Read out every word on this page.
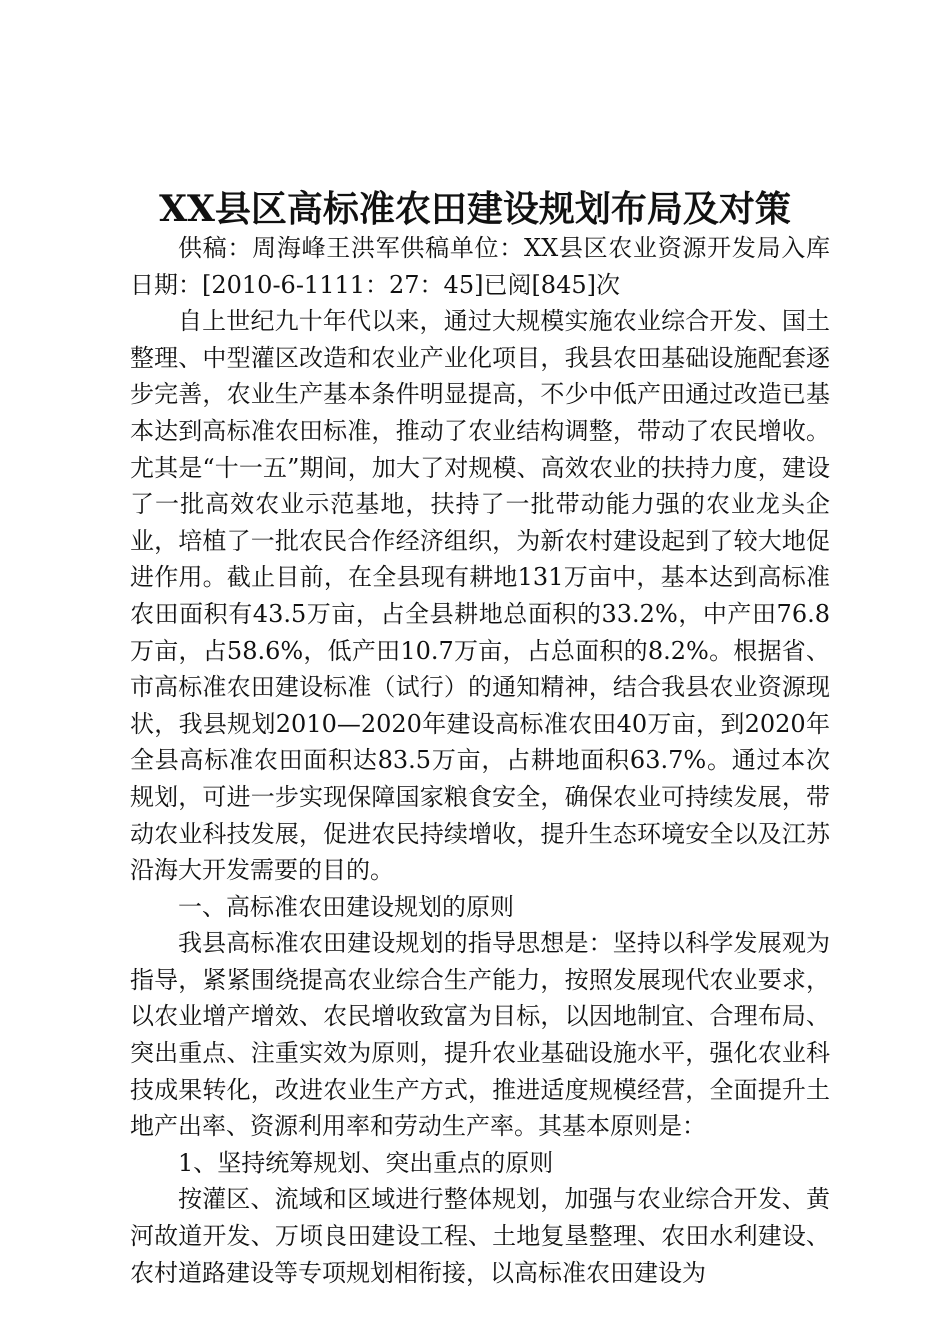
XX县区高标准农田建设规划布局及对策

供稿：周海峰王洪军供稿单位：XX县区农业资源开发局入库日期：[2010-6-1111：27：45]已阅[845]次

自上世纪九十年代以来，通过大规模实施农业综合开发、国土整理、中型灌区改造和农业产业化项目，我县农田基础设施配套逐步完善，农业生产基本条件明显提高，不少中低产田通过改造已基本达到高标准农田标准，推动了农业结构调整，带动了农民增收。尤其是“十一五”期间，加大了对规模、高效农业的扶持力度，建设了一批高效农业示范基地，扶持了一批带动能力强的农业龙头企业，培植了一批农民合作经济组织，为新农村建设起到了较大地促进作用。截止目前，在全县现有耕地131万亩中，基本达到高标准农田面积有43.5万亩，占全县耕地总面积的33.2%，中产田76.8万亩，占58.6%，低产田10.7万亩，占总面积的8.2%。根据省、市高标准农田建设标准（试行）的通知精神，结合我县农业资源现状，我县规划2010—2020年建设高标准农田40万亩，到2020年全县高标准农田面积达83.5万亩，占耕地面积63.7%。通过本次规划，可进一步实现保障国家粮食安全，确保农业可持续发展，带动农业科技发展，促进农民持续增收，提升生态环境安全以及江苏沿海大开发需要的目的。

一、高标准农田建设规划的原则

我县高标准农田建设规划的指导思想是：坚持以科学发展观为指导，紧紧围绕提高农业综合生产能力，按照发展现代农业要求，以农业增产增效、农民增收致富为目标，以因地制宜、合理布局、突出重点、注重实效为原则，提升农业基础设施水平，强化农业科技成果转化，改进农业生产方式，推进适度规模经营，全面提升土地产出率、资源利用率和劳动生产率。其基本原则是：

1、坚持统筹规划、突出重点的原则

按灌区、流域和区域进行整体规划，加强与农业综合开发、黄河故道开发、万顷良田建设工程、土地复垦整理、农田水利建设、农村道路建设等专项规划相衔接，以高标准农田建设为
